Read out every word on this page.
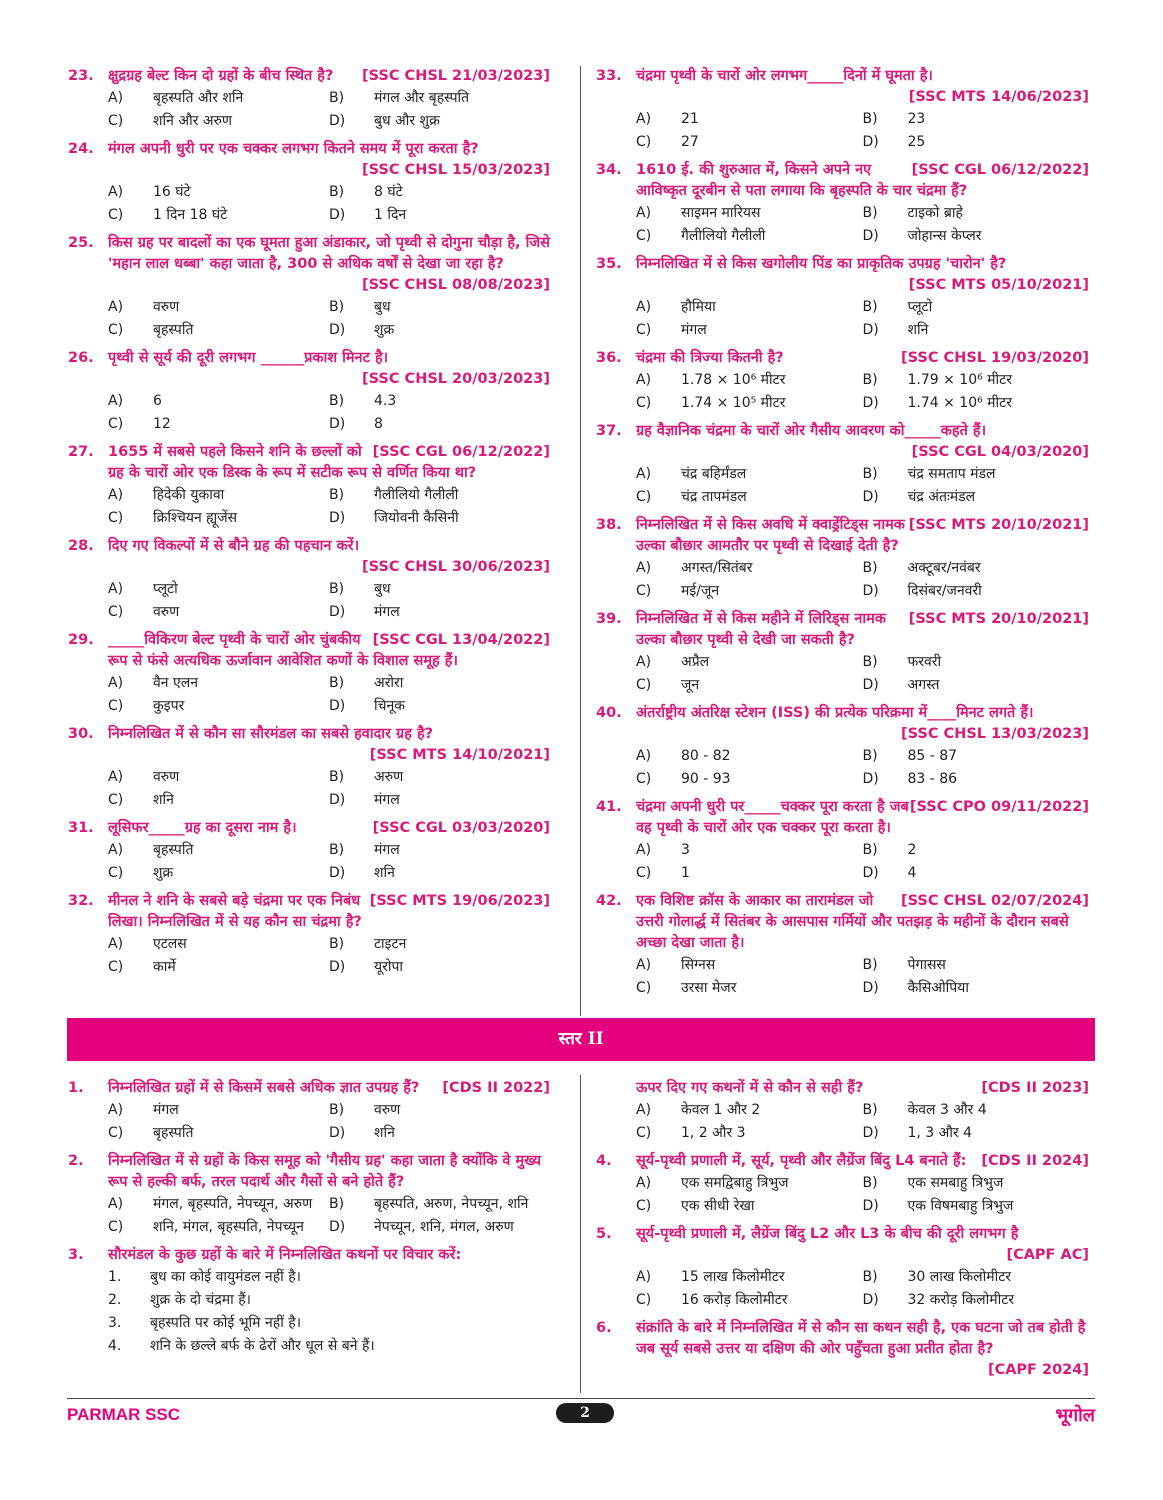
23.	[SSC CHSL 21/03/2023]
क्षुद्रग्रह बेल्ट किन दो ग्रहों के बीच स्थित है?
A) बृहस्पति और शनि	B) मंगल और बृहस्पति
C) शनि और अरुण	D) बुध और शुक्र
24. मंगल अपनी धुरी पर एक चक्कर लगभग कितने समय में पूरा करता है?
[SSC CHSL 15/03/2023]
A) 16 घंटे	B) 8 घंटे
C) 1 दिन 18 घंटे	D) 1 दिन
25. किस ग्रह पर बादलों का एक घूमता हुआ अंडाकार, जो पृथ्वी से दोगुना चौड़ा है, जिसे 'महान लाल धब्बा' कहा जाता है, 300 से अधिक वर्षों से देखा जा रहा है?
[SSC CHSL 08/08/2023]
A) वरुण	B) बुध
C) बृहस्पति	D) शुक्र
26. पृथ्वी से सूर्य की दूरी लगभग ______प्रकाश मिनट है।
[SSC CHSL 20/03/2023]
A) 6	B) 4.3
C) 12	D) 8
27.	[SSC CGL 06/12/2022]
1655 में सबसे पहले किसने शनि के छल्लों को ग्रह के चारों ओर एक डिस्क के रूप में सटीक रूप से वर्णित किया था?
A) हिदेकी युकावा	B) गैलीलियो गैलीली
C) क्रिश्चियन ह्यूजेंस	D) जियोवनी कैसिनी
28. दिए गए विकल्पों में से बौने ग्रह की पहचान करें।
[SSC CHSL 30/06/2023]
A) प्लूटो	B) बुध
C) वरुण	D) मंगल
29.	[SSC CGL 13/04/2022]
_____विकिरण बेल्ट पृथ्वी के चारों ओर चुंबकीय रूप से फंसे अत्यधिक ऊर्जावान आवेशित कणों के विशाल समूह हैं।
A) वैन एलन	B) अरोरा
C) कुइपर	D) चिनूक
30. निम्नलिखित में से कौन सा सौरमंडल का सबसे हवादार ग्रह है?
[SSC MTS 14/10/2021]
A) वरुण	B) अरुण
C) शनि	D) मंगल
31.	[SSC CGL 03/03/2020]
लूसिफर_____ग्रह का दूसरा नाम है।
A) बृहस्पति	B) मंगल
C) शुक्र	D) शनि
32.	[SSC MTS 19/06/2023]
मीनल ने शनि के सबसे बड़े चंद्रमा पर एक निबंध लिखा। निम्नलिखित में से यह कौन सा चंद्रमा है?
A) एटलस	B) टाइटन
C) कार्मे	D) यूरोपा
33. चंद्रमा पृथ्वी के चारों ओर लगभग_____दिनों में घूमता है।
[SSC MTS 14/06/2023]
A) 21	B) 23
C) 27	D) 25
34.	[SSC CGL 06/12/2022]
1610 ई. की शुरुआत में, किसने अपने नए आविष्कृत दूरबीन से पता लगाया कि बृहस्पति के चार चंद्रमा हैं?
A) साइमन मारियस	B) टाइको ब्राहे
C) गैलीलियो गैलीली	D) जोहान्स केप्लर
35. निम्नलिखित में से किस खगोलीय पिंड का प्राकृतिक उपग्रह 'चारोन' है?
[SSC MTS 05/10/2021]
A) हौमिया	B) प्लूटो
C) मंगल	D) शनि
36.	[SSC CHSL 19/03/2020]
चंद्रमा की त्रिज्या कितनी है?
A) 1.78 × 10⁶ मीटर	B) 1.79 × 10⁶ मीटर
C) 1.74 × 10⁵ मीटर	D) 1.74 × 10⁶ मीटर
37. ग्रह वैज्ञानिक चंद्रमा के चारों ओर गैसीय आवरण को_____कहते हैं।
[SSC CGL 04/03/2020]
A) चंद्र बहिर्मंडल	B) चंद्र समताप मंडल
C) चंद्र तापमंडल	D) चंद्र अंतःमंडल
38.	[SSC MTS 20/10/2021]
निम्नलिखित में से किस अवधि में क्वाड्रेंटिड्स नामक उल्का बौछार आमतौर पर पृथ्वी से दिखाई देती है?
A) अगस्त/सितंबर	B) अक्टूबर/नवंबर
C) मई/जून	D) दिसंबर/जनवरी
39.	[SSC MTS 20/10/2021]
निम्नलिखित में से किस महीने में लिरिड्स नामक उल्का बौछार पृथ्वी से देखी जा सकती है?
A) अप्रैल	B) फरवरी
C) जून	D) अगस्त
40. अंतर्राष्ट्रीय अंतरिक्ष स्टेशन (ISS) की प्रत्येक परिक्रमा में____मिनट लगते हैं।
[SSC CHSL 13/03/2023]
A) 80 - 82	B) 85 - 87
C) 90 - 93	D) 83 - 86
41.	[SSC CPO 09/11/2022]
चंद्रमा अपनी धुरी पर_____चक्कर पूरा करता है जब वह पृथ्वी के चारों ओर एक चक्कर पूरा करता है।
A) 3	B) 2
C) 1	D) 4
42.	[SSC CHSL 02/07/2024]
एक विशिष्ट क्रॉस के आकार का तारामंडल जो उत्तरी गोलार्द्ध में सितंबर के आसपास गर्मियों और पतझड़ के महीनों के दौरान सबसे अच्छा देखा जाता है।
A) सिग्नस	B) पेगासस
C) उरसा मेजर	D) कैसिओपिया
स्तर II
1.	[CDS II 2022]
निम्नलिखित ग्रहों में से किसमें सबसे अधिक ज्ञात उपग्रह हैं?
A) मंगल	B) वरुण
C) बृहस्पति	D) शनि
2. निम्नलिखित में से ग्रहों के किस समूह को 'गैसीय ग्रह' कहा जाता है क्योंकि वे मुख्य रूप से हल्की बर्फ, तरल पदार्थ और गैसों से बने होते हैं?
A) मंगल, बृहस्पति, नेपच्यून, अरुण	B) बृहस्पति, अरुण, नेपच्यून, शनि
C) शनि, मंगल, बृहस्पति, नेपच्यून	D) नेपच्यून, शनि, मंगल, अरुण
3. सौरमंडल के कुछ ग्रहों के बारे में निम्नलिखित कथनों पर विचार करें:
1. बुध का कोई वायुमंडल नहीं है।
2. शुक्र के दो चंद्रमा हैं।
3. बृहस्पति पर कोई भूमि नहीं है।
4. शनि के छल्ले बर्फ के ढेरों और धूल से बने हैं।
[CDS II 2023]
ऊपर दिए गए कथनों में से कौन से सही हैं?
A) केवल 1 और 2	B) केवल 3 और 4
C) 1, 2 और 3	D) 1, 3 और 4
4.	[CDS II 2024]
सूर्य-पृथ्वी प्रणाली में, सूर्य, पृथ्वी और लैग्रेंज बिंदु L4 बनाते हैं:
A) एक समद्विबाहु त्रिभुज	B) एक समबाहु त्रिभुज
C) एक सीधी रेखा	D) एक विषमबाहु त्रिभुज
5. सूर्य-पृथ्वी प्रणाली में, लैग्रेंज बिंदु L2 और L3 के बीच की दूरी लगभग है
[CAPF AC]
A) 15 लाख किलोमीटर	B) 30 लाख किलोमीटर
C) 16 करोड़ किलोमीटर	D) 32 करोड़ किलोमीटर
6. संक्रांति के बारे में निम्नलिखित में से कौन सा कथन सही है, एक घटना जो तब होती है जब सूर्य सबसे उत्तर या दक्षिण की ओर पहुँचता हुआ प्रतीत होता है?
[CAPF 2024]
PARMAR SSC	2	भूगोल
